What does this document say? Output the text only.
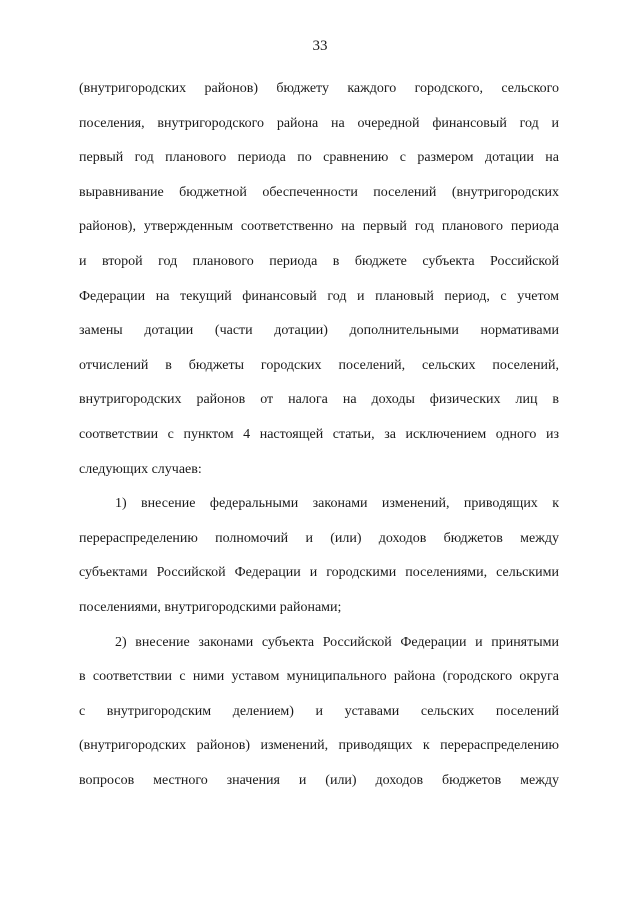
33
(внутригородских районов) бюджету каждого городского, сельского
поселения, внутригородского района на очередной финансовый год и
первый год планового периода по сравнению с размером дотации на
выравнивание бюджетной обеспеченности поселений (внутригородских
районов), утвержденным соответственно на первый год планового периода
и второй год планового периода в бюджете субъекта Российской
Федерации на текущий финансовый год и плановый период, с учетом
замены дотации (части дотации) дополнительными нормативами
отчислений в бюджеты городских поселений, сельских поселений,
внутригородских районов от налога на доходы физических лиц в
соответствии с пунктом 4 настоящей статьи, за исключением одного из
следующих случаев:
1) внесение федеральными законами изменений, приводящих к
перераспределению полномочий и (или) доходов бюджетов между
субъектами Российской Федерации и городскими поселениями, сельскими
поселениями, внутригородскими районами;
2) внесение законами субъекта Российской Федерации и принятыми
в соответствии с ними уставом муниципального района (городского округа
с внутригородским делением) и уставами сельских поселений
(внутригородских районов) изменений, приводящих к перераспределению
вопросов местного значения и (или) доходов бюджетов между
